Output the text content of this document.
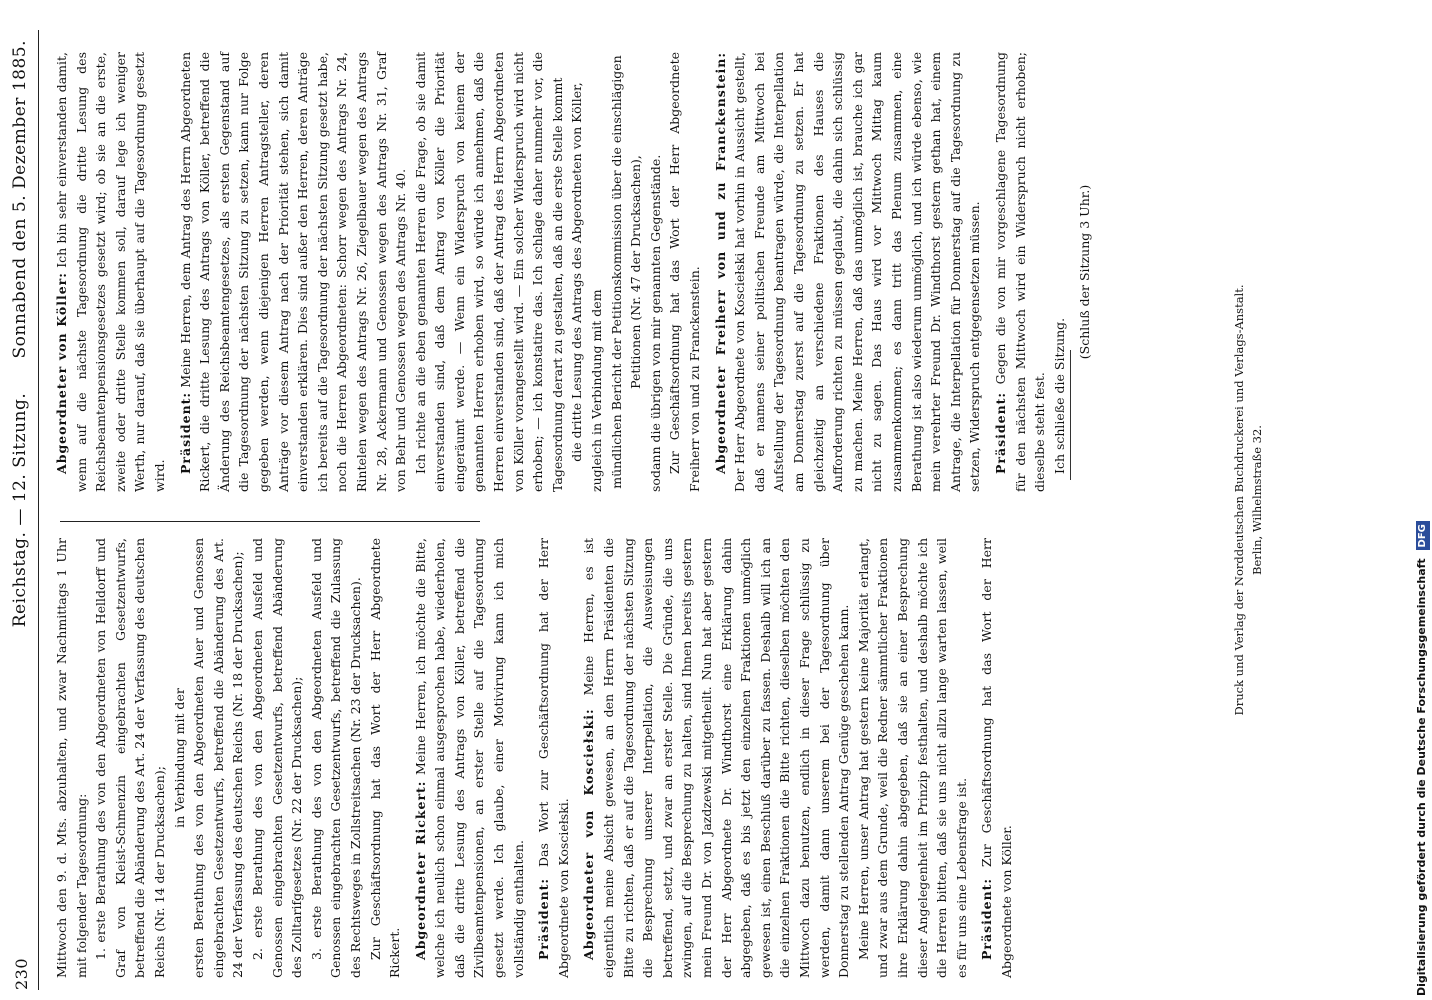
230
Reichstag. — 12. Sitzung.
Sonnabend den 5. Dezember 1885.

Mittwoch den 9. d. Mts. abzuhalten, und zwar Nachmittags 1 Uhr mit folgender Tagesordnung: 1. erste Berathung des von den Abgeordneten von Helldorff und Graf von Kleist-Schmenzin eingebrachten Gesetzentwurfs, betreffend die Abänderung des Art. 24 der Verfassung des deutschen Reichs (Nr. 14 der Drucksachen);

in Verbindung mit der ersten Berathung des von den Abgeordneten Auer und Genossen eingebrachten Gesetzentwurfs, betreffend die Abänderung des Art. 24 der Verfassung des deutschen Reichs (Nr. 18 der Drucksachen); 2. erste Berathung des von den Abgeordneten Ausfeld und Genossen eingebrachten Gesetzentwurfs, betreffend Abänderung des Zolltarifgesetzes (Nr. 22 der Drucksachen); 3. erste Berathung des von den Abgeordneten Ausfeld und Genossen eingebrachten Gesetzentwurfs, betreffend die Zulassung des Rechtsweges in Zollstreitsachen (Nr. 23 der Drucksachen). Zur Geschäftsordnung hat das Wort der Herr Abgeordnete Rickert. Abgeordneter Rickert: Meine Herren, ich möchte die Bitte, welche ich neulich schon einmal ausgesprochen habe, wiederholen, daß die dritte Lesung des Antrags von Köller, betreffend die Zivilbeamtenpensionen, an erster Stelle auf die Tagesordnung gesetzt werde. Ich glaube, einer Motivirung kann ich mich vollständig enthalten. Präsident: Das Wort zur Geschäftsordnung hat der Herr Abgeordnete von Kosciełski. Abgeordneter von Kosciełski: Meine Herren, es ist eigentlich meine Absicht gewesen, an den Herrn Präsidenten die Bitte zu richten, daß er auf die Tagesordnung der nächsten Sitzung die Besprechung unserer Interpellation, die Ausweisungen betreffend, setzt, und zwar an erster Stelle. Die Gründe, die uns zwingen, auf die Besprechung zu halten, sind Ihnen bereits gestern mein Freund Dr. von Jazdzewski mitgetheilt. Nun hat aber gestern der Herr Abgeordnete Dr. Windthorst eine Erklärung dahin abgegeben, daß es bis jetzt den einzelnen Fraktionen unmöglich gewesen ist, einen Beschluß darüber zu fassen. Deshalb will ich an die einzelnen Fraktionen die Bitte richten, dieselben möchten den Mittwoch dazu benutzen, endlich in dieser Frage schlüssig zu werden, damit dann unserem bei der Tagesordnung über Donnerstag zu stellenden Antrag Genüge geschehen kann. Meine Herren, unser Antrag hat gestern keine Majorität erlangt, und zwar aus dem Grunde, weil die Redner sämmtlicher Fraktionen ihre Erklärung dahin abgegeben, daß sie an einer Besprechung dieser Angelegenheit im Prinzip festhalten, und deshalb möchte ich die Herren bitten, daß sie uns nicht allzu lange warten lassen, weil es für uns eine Lebensfrage ist. Präsident: Zur Geschäftsordnung hat das Wort der Herr Abgeordnete von Köller.

Abgeordneter von Köller: Ich bin sehr einverstanden damit, wenn auf die nächste Tagesordnung die dritte Lesung des Reichsbeamtenpensionsgesetzes gesetzt wird; ob sie an die erste, zweite oder dritte Stelle kommen soll, darauf lege ich weniger Werth, nur darauf, daß sie überhaupt auf die Tagesordnung gesetzt wird.

Präsident: Meine Herren, dem Antrag des Herrn Abgeordneten Rickert, die dritte Lesung des Antrags von Köller, betreffend die Änderung des Reichsbeamtengesetzes, als ersten Gegenstand auf die Tagesordnung der nächsten Sitzung zu setzen, kann nur Folge gegeben werden, wenn diejenigen Herren Antragsteller, deren Anträge vor diesem Antrag nach der Priorität stehen, sich damit einverstanden erklären. Dies sind außer den Herren, deren Anträge ich bereits auf die Tagesordnung der nächsten Sitzung gesetzt habe, noch die Herren Abgeordneten: Schorr wegen des Antrags Nr. 24, Rintelen wegen des Antrags Nr. 26, Ziegelbauer wegen des Antrags Nr. 28, Ackermann und Genossen wegen des Antrags Nr. 31, Graf von Behr und Genossen wegen des Antrags Nr. 40. Ich richte an die eben genannten Herren die Frage, ob sie damit einverstanden sind, daß dem Antrag von Köller die Priorität eingeräumt werde. — Wenn ein Widerspruch von keinem der genannten Herren erhoben wird, so würde ich annehmen, daß die Herren einverstanden sind, daß der Antrag des Herrn Abgeordneten von Köller vorangestellt wird. — Ein solcher Widerspruch wird nicht erhoben; — ich konstatire das. Ich schlage daher nunmehr vor, die Tagesordnung derart zu gestalten, daß an die erste Stelle kommt die dritte Lesung des Antrags des Abgeordneten von Köller, zugleich in Verbindung mit dem mündlichen Bericht der Petitionskommission über die einschlägigen Petitionen (Nr. 47 der Drucksachen), sodann die übrigen von mir genannten Gegenstände. Zur Geschäftsordnung hat das Wort der Herr Abgeordnete Freiherr von und zu Franckenstein. Abgeordneter Freiherr von und zu Franckenstein: Der Herr Abgeordnete von Kosciełski hat vorhin in Aussicht gestellt, daß er namens seiner politischen Freunde am Mittwoch bei Aufstellung der Tagesordnung beantragen würde, die Interpellation am Donnerstag zuerst auf die Tagesordnung zu setzen. Er hat gleichzeitig an verschiedene Fraktionen des Hauses die Aufforderung richten zu müssen geglaubt, die dahin sich schlüssig zu machen. Meine Herren, daß das unmöglich ist, brauche ich gar nicht zu sagen. Das Haus wird vor Mittwoch Mittag kaum zusammenkommen; es dann tritt das Plenum zusammen, eine Berathung ist also wiederum unmöglich, und ich würde ebenso, wie mein verehrter Freund Dr. Windthorst gestern gethan hat, einem Antrage, die Interpellation für Donnerstag auf die Tagesordnung zu setzen, Widerspruch entgegensetzen müssen. Präsident: Gegen die von mir vorgeschlagene Tagesordnung für den nächsten Mittwoch wird ein Widerspruch nicht erhoben; dieselbe steht fest. Ich schließe die Sitzung.

(Schluß der Sitzung 3 Uhr.)

Druck und Verlag der Norddeutschen Buchdruckerei und Verlags-Anstalt. Berlin, Wilhelmstraße 32.
Digitalisierung gefördert durch die Deutsche Forschungsgemeinschaft DFG
